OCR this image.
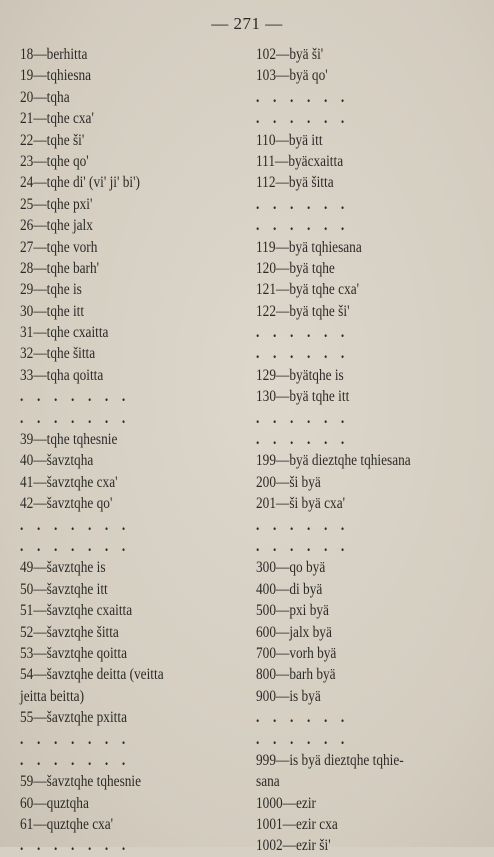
— 271 —
18—berhitta
19—tqhiesna
20—tqha
21—tqhe cxa'
22—tqhe ši'
23—tqhe qo'
24—tqhe di' (vi' ji' bi')
25—tqhe pxi'
26—tqhe jalx
27—tqhe vorh
28—tqhe barh'
29—tqhe is
30—tqhe itt
31—tqhe cxaitta
32—tqhe šitta
33—tqha qoitta
. . . . . . .
. . . . . . .
39—tqhe tqhesnie
40—šavztqha
41—šavztqhe cxa'
42—šavztqhe qo'
. . . . . . .
. . . . . . .
49—šavztqhe is
50—šavztqhe itt
51—šavztqhe cxaitta
52—šavztqhe šitta
53—šavztqhe qoitta
54—šavztqhe deitta (veitta
jeitta beitta)
55—šavztqhe pxitta
. . . . . . .
. . . . . . .
59—šavztqhe tqhesnie
60—quztqha
61—quztqhe cxa'
. . . . . . .
102—byä ši'
103—byä qo'
. . . . . .
. . . . . .
110—byä itt
111—byäcxaitta
112—byä šitta
. . . . . .
. . . . . .
119—byä tqhiesana
120—byä tqhe
121—byä tqhe cxa'
122—byä tqhe ši'
. . . . . .
. . . . . .
129—byätqhe is
130—byä tqhe itt
. . . . . .
. . . . . .
199—byä dieztqhe tqhiesana
200—ši byä
201—ši byä cxa'
. . . . . .
. . . . . .
300—qo byä
400—di byä
500—pxi byä
600—jalx byä
700—vorh byä
800—barh byä
900—is byä
. . . . . .
. . . . . .
999—is byä dieztqhe tqhie-
sana
1000—ezir
1001—ezir cxa
1002—ezir ši'
